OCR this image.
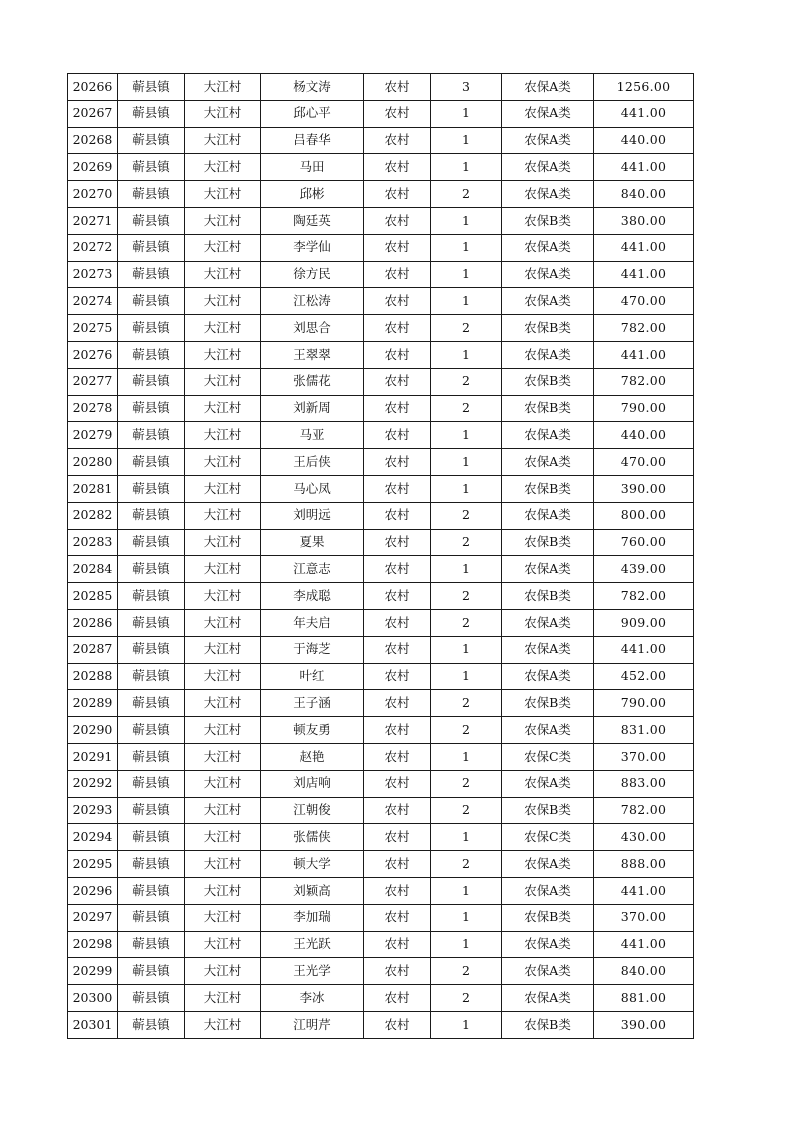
20266	蕲县镇	大江村	杨文涛	农村	3	农保A类	1256.00
20267	蕲县镇	大江村	邱心平	农村	1	农保A类	441.00
20268	蕲县镇	大江村	吕春华	农村	1	农保A类	440.00
20269	蕲县镇	大江村	马田	农村	1	农保A类	441.00
20270	蕲县镇	大江村	邱彬	农村	2	农保A类	840.00
20271	蕲县镇	大江村	陶廷英	农村	1	农保B类	380.00
20272	蕲县镇	大江村	李学仙	农村	1	农保A类	441.00
20273	蕲县镇	大江村	徐方民	农村	1	农保A类	441.00
20274	蕲县镇	大江村	江松涛	农村	1	农保A类	470.00
20275	蕲县镇	大江村	刘思合	农村	2	农保B类	782.00
20276	蕲县镇	大江村	王翠翠	农村	1	农保A类	441.00
20277	蕲县镇	大江村	张儒花	农村	2	农保B类	782.00
20278	蕲县镇	大江村	刘新周	农村	2	农保B类	790.00
20279	蕲县镇	大江村	马亚	农村	1	农保A类	440.00
20280	蕲县镇	大江村	王后侠	农村	1	农保A类	470.00
20281	蕲县镇	大江村	马心凤	农村	1	农保B类	390.00
20282	蕲县镇	大江村	刘明远	农村	2	农保A类	800.00
20283	蕲县镇	大江村	夏果	农村	2	农保B类	760.00
20284	蕲县镇	大江村	江意志	农村	1	农保A类	439.00
20285	蕲县镇	大江村	李成聪	农村	2	农保B类	782.00
20286	蕲县镇	大江村	年夫启	农村	2	农保A类	909.00
20287	蕲县镇	大江村	于海芝	农村	1	农保A类	441.00
20288	蕲县镇	大江村	叶红	农村	1	农保A类	452.00
20289	蕲县镇	大江村	王子涵	农村	2	农保B类	790.00
20290	蕲县镇	大江村	顿友勇	农村	2	农保A类	831.00
20291	蕲县镇	大江村	赵艳	农村	1	农保C类	370.00
20292	蕲县镇	大江村	刘店响	农村	2	农保A类	883.00
20293	蕲县镇	大江村	江朝俊	农村	2	农保B类	782.00
20294	蕲县镇	大江村	张儒侠	农村	1	农保C类	430.00
20295	蕲县镇	大江村	顿大学	农村	2	农保A类	888.00
20296	蕲县镇	大江村	刘颖高	农村	1	农保A类	441.00
20297	蕲县镇	大江村	李加瑞	农村	1	农保B类	370.00
20298	蕲县镇	大江村	王光跃	农村	1	农保A类	441.00
20299	蕲县镇	大江村	王光学	农村	2	农保A类	840.00
20300	蕲县镇	大江村	李冰	农村	2	农保A类	881.00
20301	蕲县镇	大江村	江明芹	农村	1	农保B类	390.00
